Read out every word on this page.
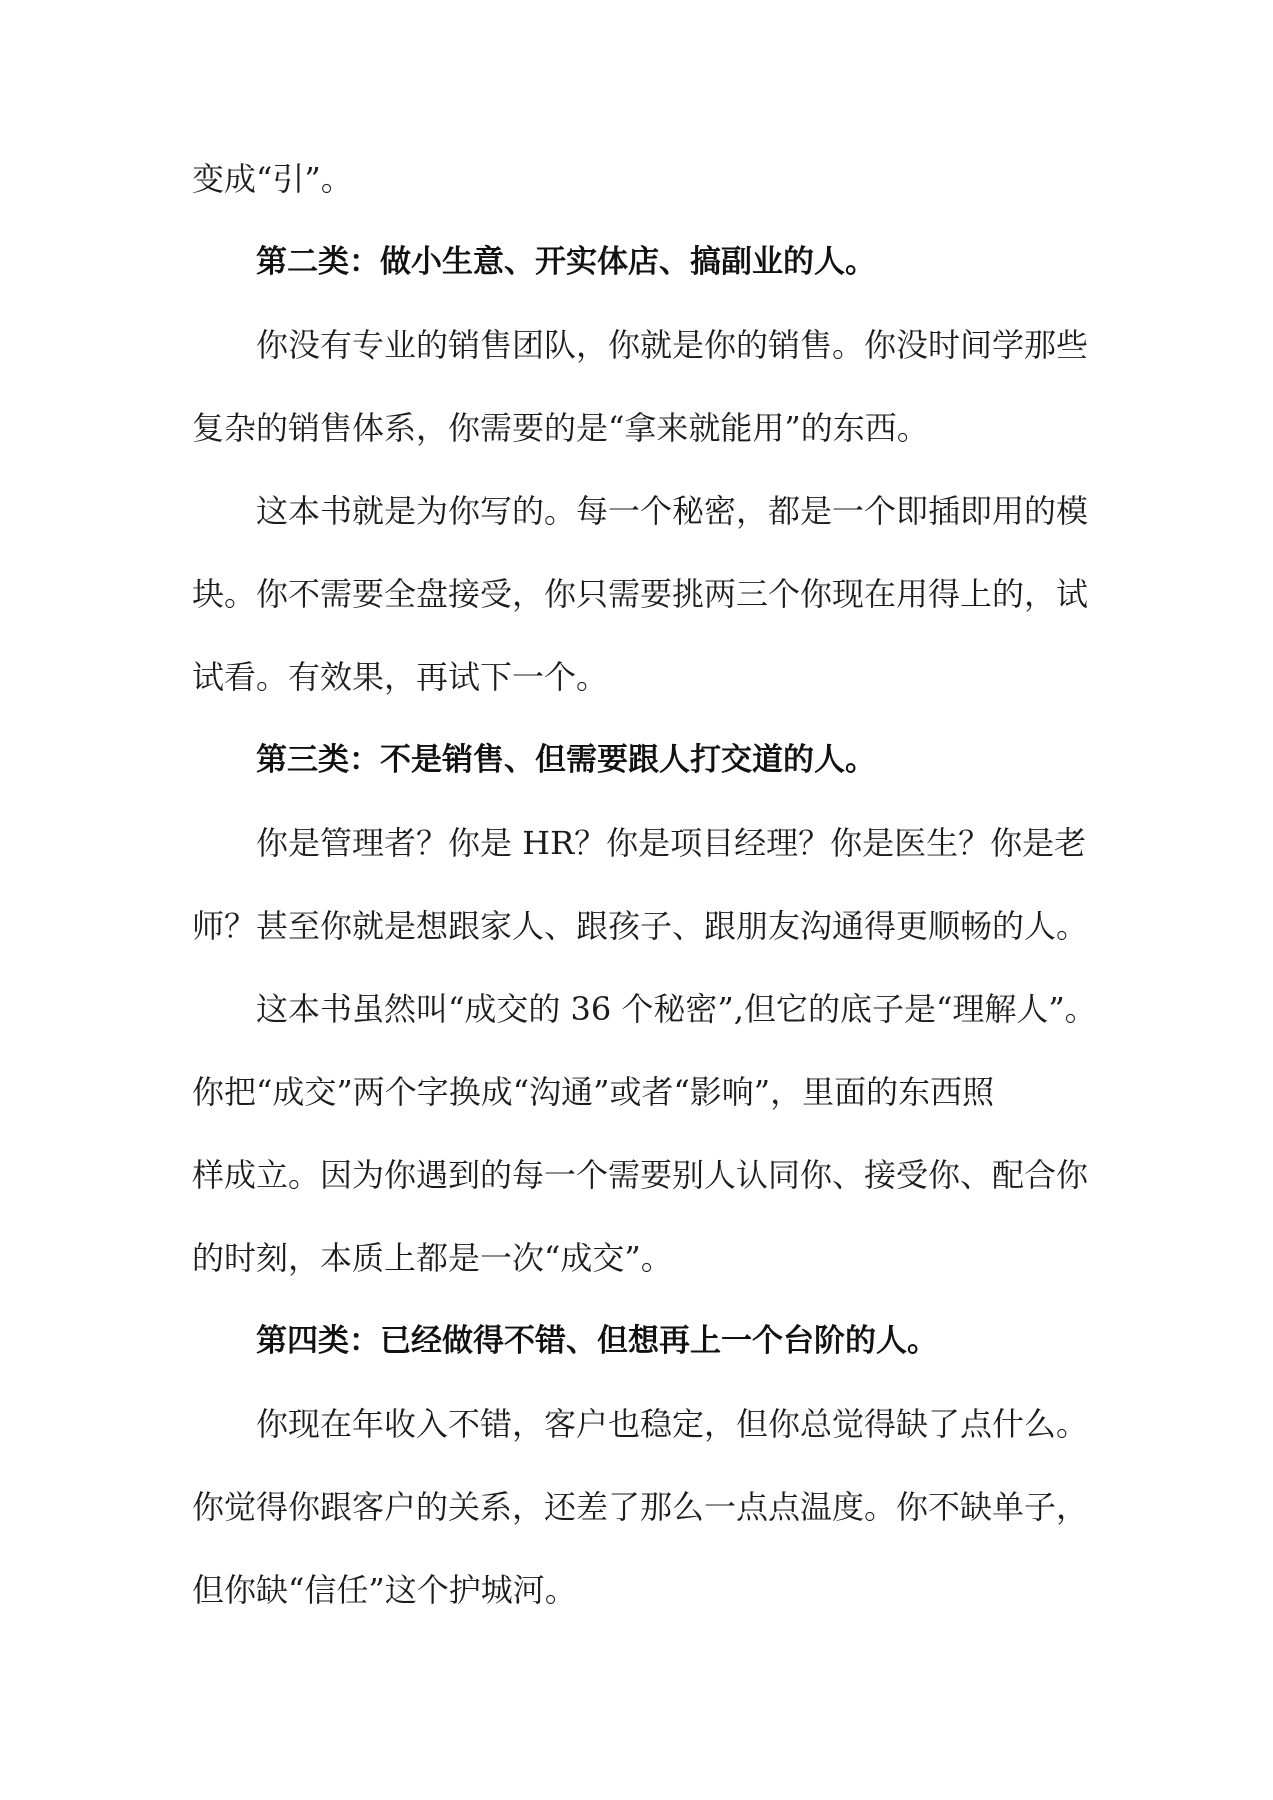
变成“引”。
第二类：做小生意、开实体店、搞副业的人。
你没有专业的销售团队，你就是你的销售。你没时间学那些
复杂的销售体系，你需要的是“拿来就能用”的东西。
这本书就是为你写的。每一个秘密，都是一个即插即用的模
块。你不需要全盘接受，你只需要挑两三个你现在用得上的，试
试看。有效果，再试下一个。
第三类：不是销售、但需要跟人打交道的人。
你是管理者？你是 HR？你是项目经理？你是医生？你是老
师？甚至你就是想跟家人、跟孩子、跟朋友沟通得更顺畅的人。
这本书虽然叫“成交的 36 个秘密”,但它的底子是“理解人”。
你把“成交”两个字换成“沟通”或者“影响”，里面的东西照
样成立。因为你遇到的每一个需要别人认同你、接受你、配合你
的时刻，本质上都是一次“成交”。
第四类：已经做得不错、但想再上一个台阶的人。
你现在年收入不错，客户也稳定，但你总觉得缺了点什么。
你觉得你跟客户的关系，还差了那么一点点温度。你不缺单子，
但你缺“信任”这个护城河。
